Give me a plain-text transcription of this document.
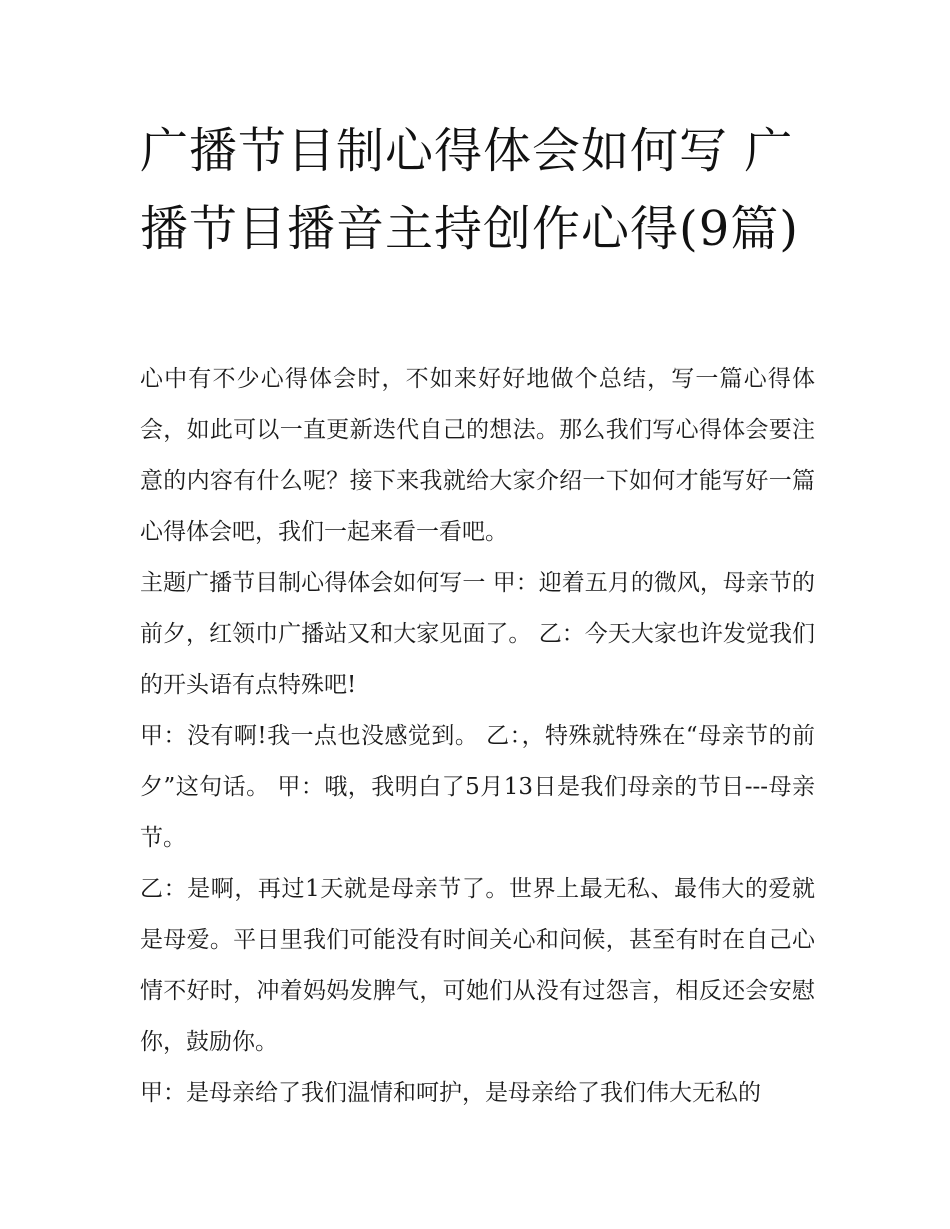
广播节目制心得体会如何写 广播节目播音主持创作心得(9篇)

心中有不少心得体会时，不如来好好地做个总结，写一篇心得体会，如此可以一直更新迭代自己的想法。那么我们写心得体会要注意的内容有什么呢？接下来我就给大家介绍一下如何才能写好一篇心得体会吧，我们一起来看一看吧。

主题广播节目制心得体会如何写一 甲：迎着五月的微风，母亲节的前夕，红领巾广播站又和大家见面了。 乙：今天大家也许发觉我们的开头语有点特殊吧!

甲：没有啊!我一点也没感觉到。 乙：，特殊就特殊在“母亲节的前夕”这句话。 甲：哦，我明白了5月13日是我们母亲的节日---母亲节。

乙：是啊，再过1天就是母亲节了。世界上最无私、最伟大的爱就是母爱。平日里我们可能没有时间关心和问候，甚至有时在自己心情不好时，冲着妈妈发脾气，可她们从没有过怨言，相反还会安慰你，鼓励你。

甲：是母亲给了我们温情和呵护，是母亲给了我们伟大无私的
